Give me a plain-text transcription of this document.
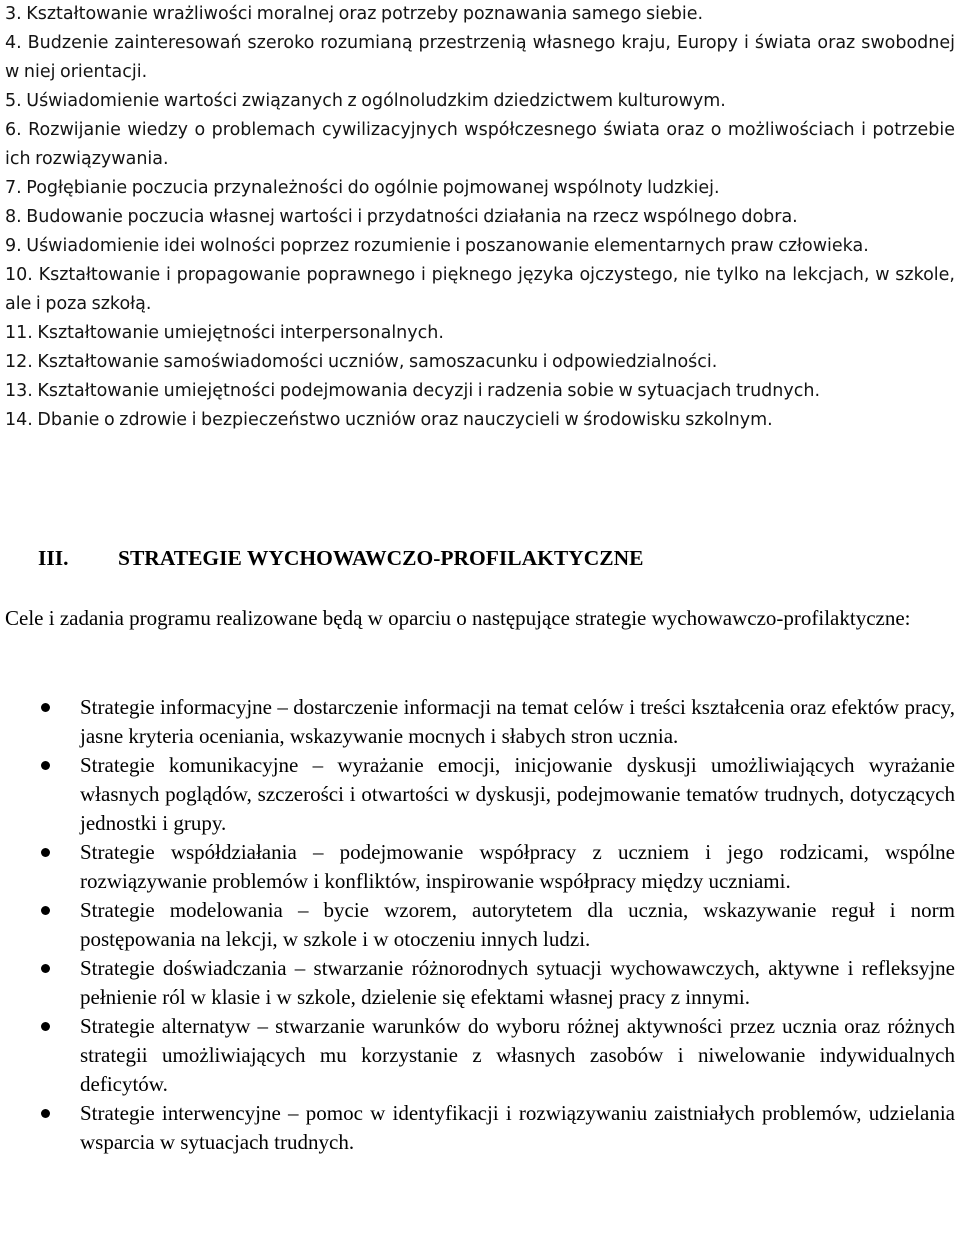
3. Kształtowanie wrażliwości moralnej oraz potrzeby poznawania samego siebie.

4. Budzenie zainteresowań szeroko rozumianą przestrzenią własnego kraju, Europy i świata oraz swobodnej w niej orientacji.

5. Uświadomienie wartości związanych z ogólnoludzkim dziedzictwem kulturowym.

6. Rozwijanie wiedzy o problemach cywilizacyjnych współczesnego świata oraz o możliwościach i potrzebie ich rozwiązywania.

7. Pogłębianie poczucia przynależności do ogólnie pojmowanej wspólnoty ludzkiej.

8. Budowanie poczucia własnej wartości i przydatności działania na rzecz wspólnego dobra.

9. Uświadomienie idei wolności poprzez rozumienie i poszanowanie elementarnych praw człowieka.

10. Kształtowanie i propagowanie poprawnego i pięknego języka ojczystego, nie tylko na lekcjach, w szkole, ale i poza szkołą.

11. Kształtowanie umiejętności interpersonalnych.

12. Kształtowanie samoświadomości uczniów, samoszacunku i odpowiedzialności.

13. Kształtowanie umiejętności podejmowania decyzji i radzenia sobie w sytuacjach trudnych.

14. Dbanie o zdrowie i bezpieczeństwo uczniów oraz nauczycieli w środowisku szkolnym.

III. STRATEGIE WYCHOWAWCZO-PROFILAKTYCZNE

Cele i zadania programu realizowane będą w oparciu o następujące strategie wychowawczo-profilaktyczne:

Strategie informacyjne – dostarczenie informacji na temat celów i treści kształcenia oraz efektów pracy, jasne kryteria oceniania, wskazywanie mocnych i słabych stron ucznia.
Strategie komunikacyjne – wyrażanie emocji, inicjowanie dyskusji umożliwiających wyrażanie własnych poglądów, szczerości i otwartości w dyskusji, podejmowanie tematów trudnych, dotyczących jednostki i grupy.
Strategie współdziałania – podejmowanie współpracy z uczniem i jego rodzicami, wspólne rozwiązywanie problemów i konfliktów, inspirowanie współpracy między uczniami.
Strategie modelowania – bycie wzorem, autorytetem dla ucznia, wskazywanie reguł i norm postępowania na lekcji, w szkole i w otoczeniu innych ludzi.
Strategie doświadczania – stwarzanie różnorodnych sytuacji wychowawczych, aktywne i refleksyjne pełnienie ról w klasie i w szkole, dzielenie się efektami własnej pracy z innymi.
Strategie alternatyw – stwarzanie warunków do wyboru różnej aktywności przez ucznia oraz różnych strategii umożliwiających mu korzystanie z własnych zasobów i niwelowanie indywidualnych deficytów.
Strategie interwencyjne – pomoc w identyfikacji i rozwiązywaniu zaistniałych problemów, udzielania wsparcia w sytuacjach trudnych.
